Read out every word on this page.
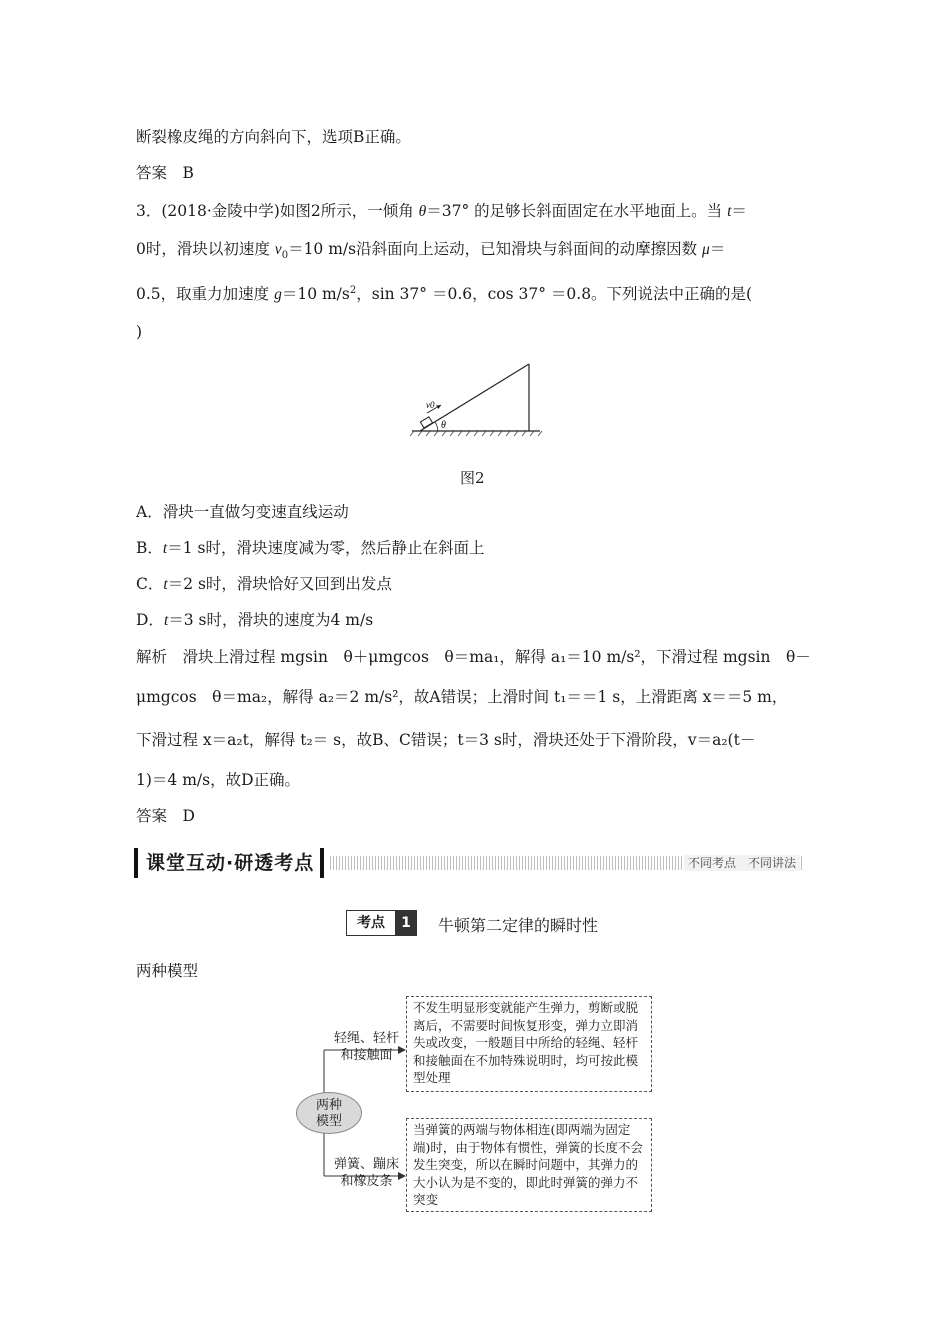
断裂橡皮绳的方向斜向下，选项B正确。
答案　 B
3．(2018·金陵中学)如图2所示，一倾角 θ＝37° 的足够长斜面固定在水平地面上。当 t＝
0时，滑块以初速度 $v_0=10$ m/s沿斜面向上运动，已知滑块与斜面间的动摩擦因数 μ＝
0.5，取重力加速度 g＝10 $m/s^2$，sin 37° ＝0.6，cos 37° ＝0.8。下列说法中正确的是(
)
v0
θ
图2
A．滑块一直做匀变速直线运动
B．t＝1 s时，滑块速度减为零，然后静止在斜面上
C．t＝2 s时，滑块恰好又回到出发点
D．t＝3 s时，滑块的速度为4 m/s
解析　滑块上滑过程 mgsin　θ＋μmgcos　θ＝ma₁，解得 a₁＝10 m/s²，下滑过程 mgsin　θ－
μmgcos　θ＝ma₂，解得 a₂＝2 m/s²，故A错误；上滑时间 t₁＝＝1 s，上滑距离 x＝＝5 m，
下滑过程 x＝a₂t，解得 t₂＝ s，故B、C错误；t＝3 s时，滑块还处于下滑阶段，v＝a₂(t－
1)＝4 m/s，故D正确。
答案　 D
课堂互动·研透考点	不同考点　不同讲法
考点	1	牛顿第二定律的瞬时性
两种模型
两种
模型
轻绳、轻杆
和接触面
弹簧、蹦床
和橡皮条
不发生明显形变就能产生弹力，剪断或脱离后，不需要时间恢复形变，弹力立即消失或改变，一般题目中所给的轻绳、轻杆和接触面在不加特殊说明时，均可按此模型处理
当弹簧的两端与物体相连(即两端为固定端)时，由于物体有惯性，弹簧的长度不会发生突变，所以在瞬时问题中，其弹力的大小认为是不变的，即此时弹簧的弹力不突变
